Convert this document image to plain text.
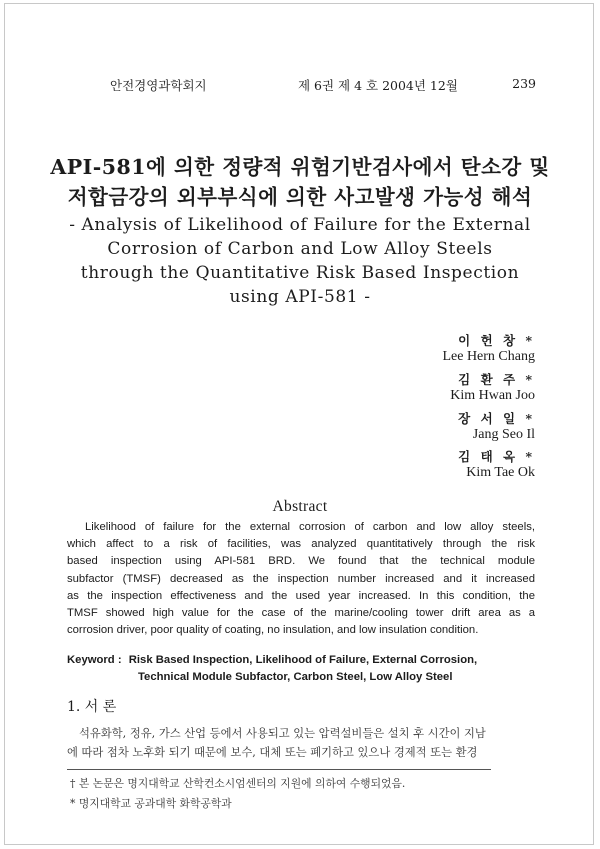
안전경영과학회지	제 6권 제 4 호 2004년 12월	239
API-581에 의한 정량적 위험기반검사에서 탄소강 및
저합금강의 외부부식에 의한 사고발생 가능성 해석
- Analysis of Likelihood of Failure for the External
Corrosion of Carbon and Low Alloy Steels
through the Quantitative Risk Based Inspection
using API-581 -
이 헌 창 *
Lee Hern Chang
김 환 주 *
Kim Hwan Joo
장 서 일 *
Jang Seo Il
김 태 옥 *
Kim Tae Ok
Abstract
Likelihood of failure for the external corrosion of carbon and low alloy steels,
which affect to a risk of facilities, was analyzed quantitatively through the risk
based inspection using API-581 BRD. We found that the technical module
subfactor (TMSF) decreased as the inspection number increased and it increased
as the inspection effectiveness and the used year increased. In this condition, the
TMSF showed high value for the case of the marine/cooling tower drift area as a
corrosion driver, poor quality of coating, no insulation, and low insulation condition.
Keyword : Risk Based Inspection, Likelihood of Failure, External Corrosion,
Technical Module Subfactor, Carbon Steel, Low Alloy Steel
1. 서 론
석유화학, 정유, 가스 산업 등에서 사용되고 있는 압력설비들은 설치 후 시간이 지남
에 따라 점차 노후화 되기 때문에 보수, 대체 또는 폐기하고 있으나 경제적 또는 환경
† 본 논문은 명지대학교 산학컨소시엄센터의 지원에 의하여 수행되었음.
* 명지대학교 공과대학 화학공학과
